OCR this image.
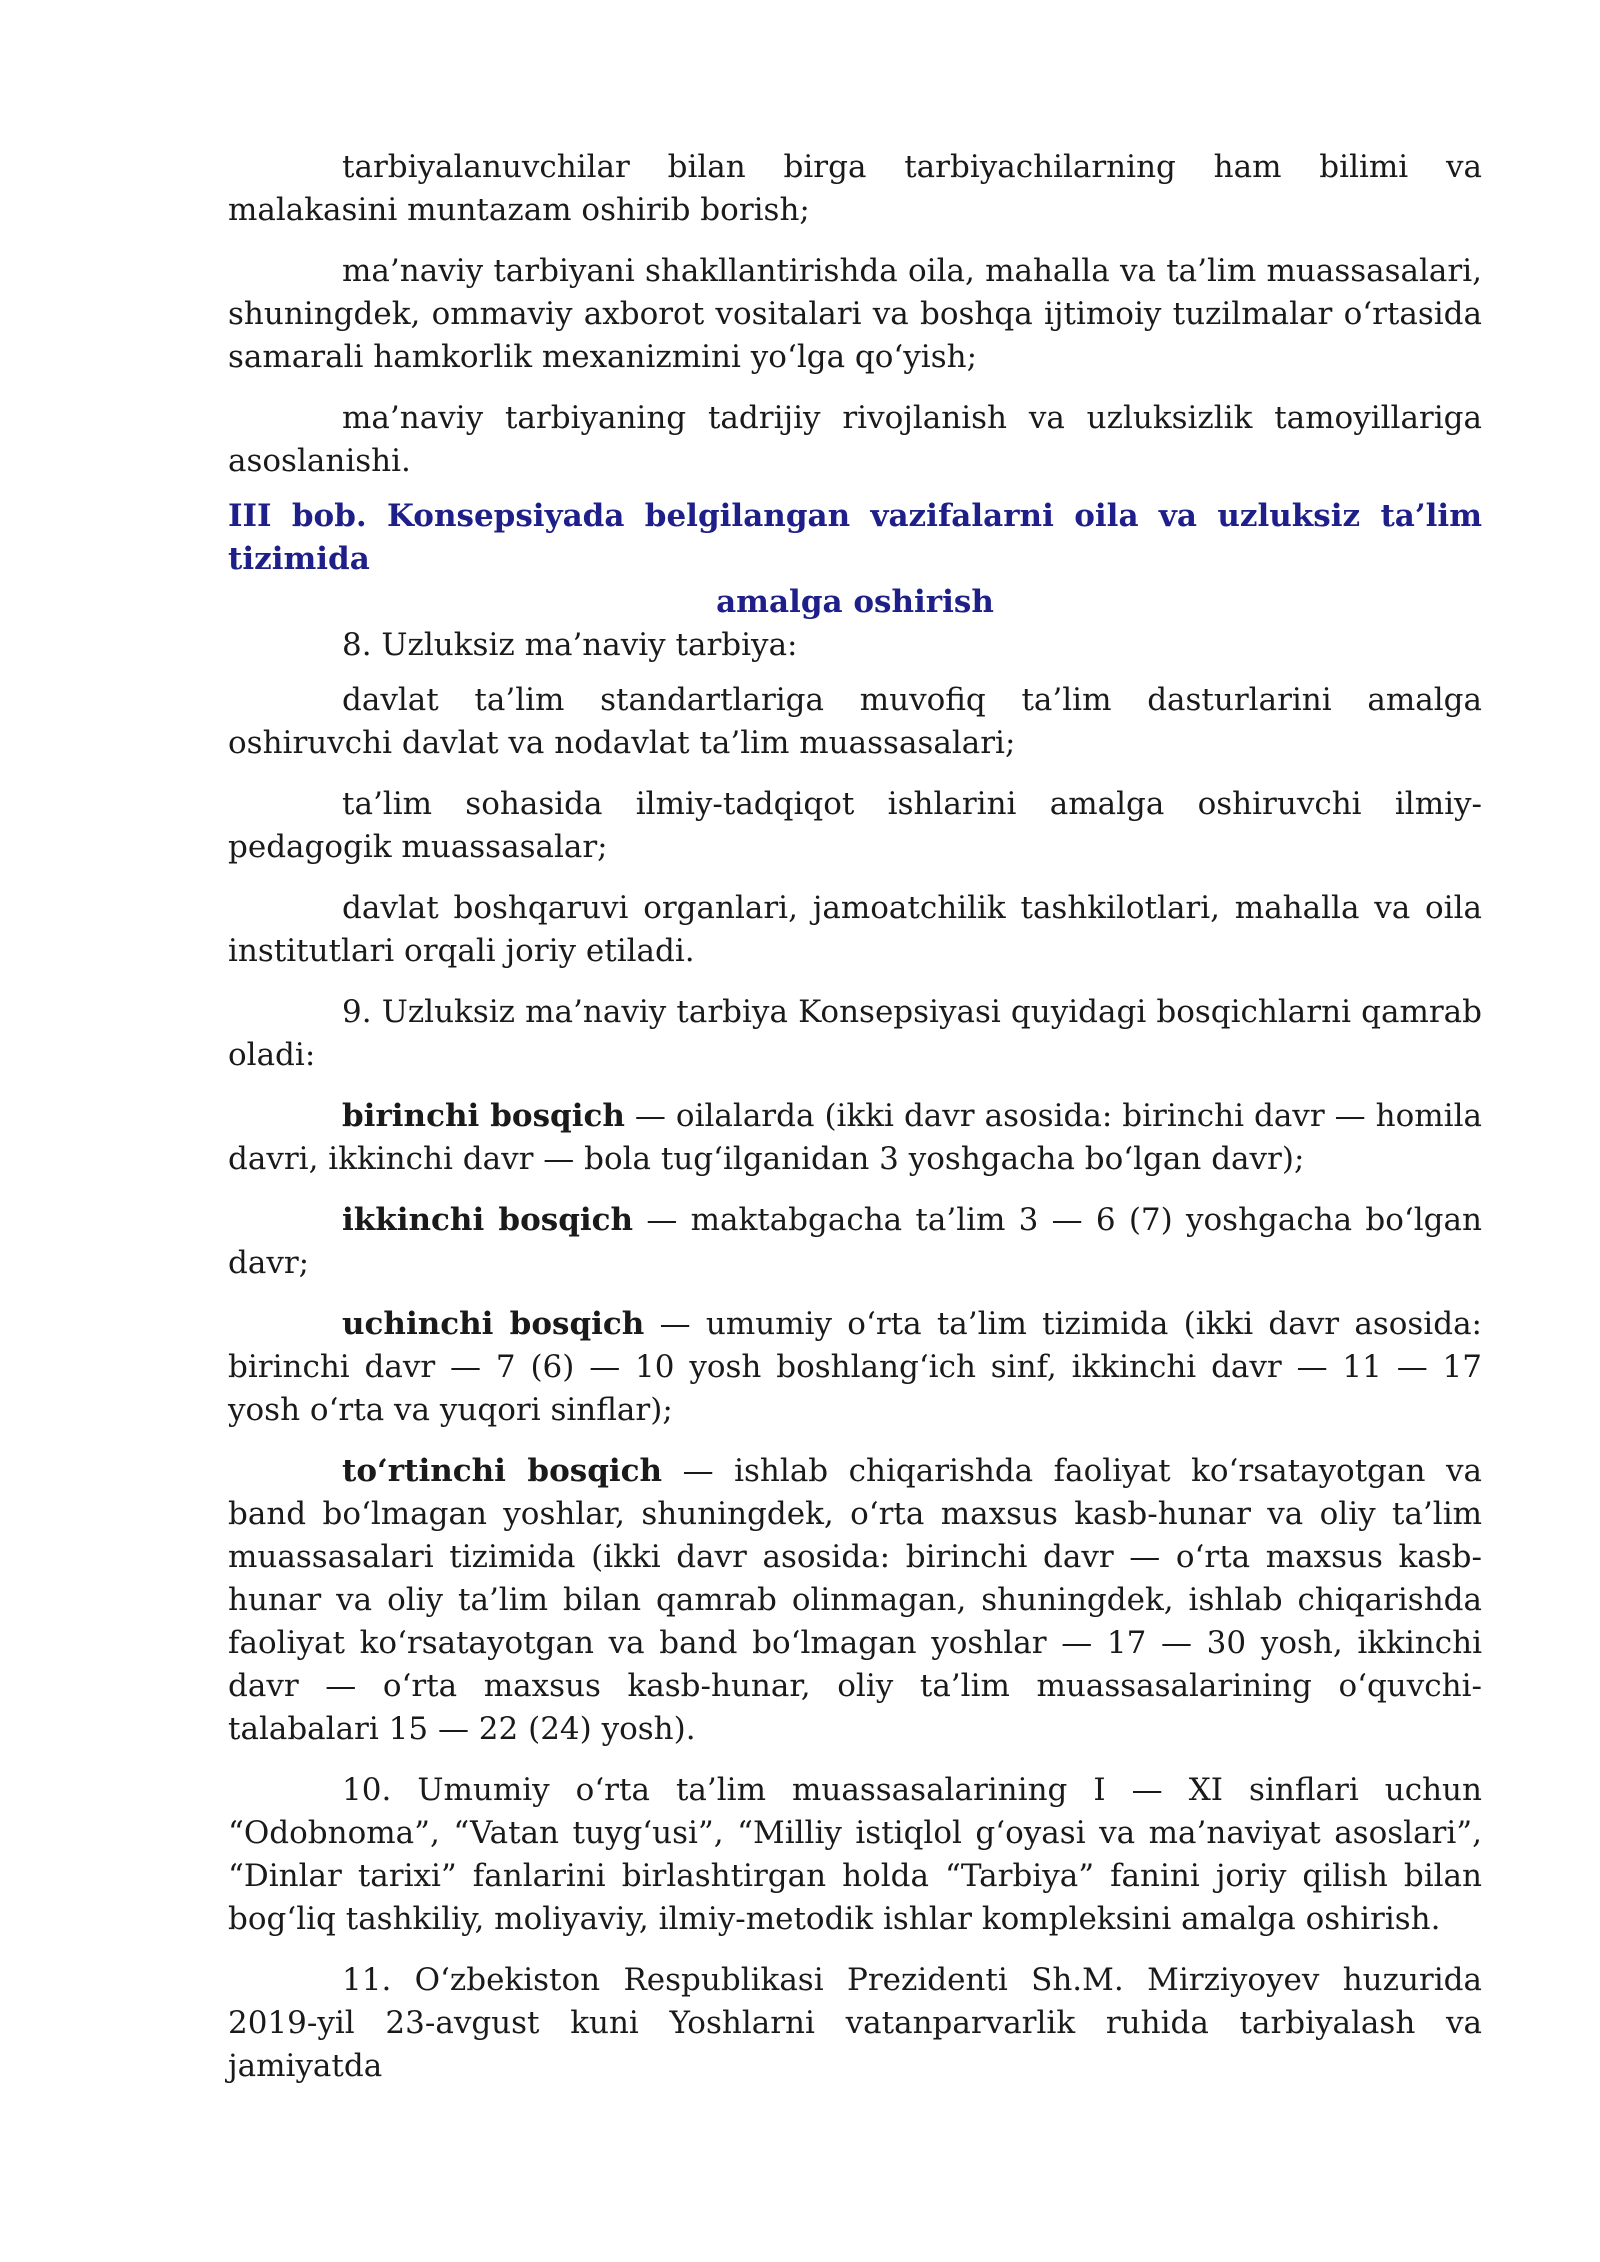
tarbiyalanuvchilar bilan birga tarbiyachilarning ham bilimi va malakasini muntazam oshirib borish;

ma’naviy tarbiyani shakllantirishda oila, mahalla va ta’lim muassasalari, shuningdek, ommaviy axborot vositalari va boshqa ijtimoiy tuzilmalar o‘rtasida samarali hamkorlik mexanizmini yo‘lga qo‘yish;

ma’naviy tarbiyaning tadrijiy rivojlanish va uzluksizlik tamoyillariga asoslanishi.

III bob. Konsepsiyada belgilangan vazifalarni oila va uzluksiz ta’lim tizimida
amalga oshirish

8. Uzluksiz ma’naviy tarbiya:

davlat ta’lim standartlariga muvofiq ta’lim dasturlarini amalga oshiruvchi davlat va nodavlat ta’lim muassasalari;

ta’lim sohasida ilmiy-tadqiqot ishlarini amalga oshiruvchi ilmiy-pedagogik muassasalar;

davlat boshqaruvi organlari, jamoatchilik tashkilotlari, mahalla va oila institutlari orqali joriy etiladi.

9. Uzluksiz ma’naviy tarbiya Konsepsiyasi quyidagi bosqichlarni qamrab oladi:

birinchi bosqich — oilalarda (ikki davr asosida: birinchi davr — homila davri, ikkinchi davr — bola tug‘ilganidan 3 yoshgacha bo‘lgan davr);

ikkinchi bosqich — maktabgacha ta’lim 3 — 6 (7) yoshgacha bo‘lgan davr;

uchinchi bosqich — umumiy o‘rta ta’lim tizimida (ikki davr asosida: birinchi davr — 7 (6) — 10 yosh boshlang‘ich sinf, ikkinchi davr — 11 — 17 yosh o‘rta va yuqori sinflar);

to‘rtinchi bosqich — ishlab chiqarishda faoliyat ko‘rsatayotgan va band bo‘lmagan yoshlar, shuningdek, o‘rta maxsus kasb-hunar va oliy ta’lim muassasalari tizimida (ikki davr asosida: birinchi davr — o‘rta maxsus kasb-hunar va oliy ta’lim bilan qamrab olinmagan, shuningdek, ishlab chiqarishda faoliyat ko‘rsatayotgan va band bo‘lmagan yoshlar — 17 — 30 yosh, ikkinchi davr — o‘rta maxsus kasb-hunar, oliy ta’lim muassasalarining o‘quvchi-talabalari 15 — 22 (24) yosh).

10. Umumiy o‘rta ta’lim muassasalarining I — XI sinflari uchun “Odobnoma”, “Vatan tuyg‘usi”, “Milliy istiqlol g‘oyasi va ma’naviyat asoslari”, “Dinlar tarixi” fanlarini birlashtirgan holda “Tarbiya” fanini joriy qilish bilan bog‘liq tashkiliy, moliyaviy, ilmiy-metodik ishlar kompleksini amalga oshirish.

11. O‘zbekiston Respublikasi Prezidenti Sh.M. Mirziyoyev huzurida 2019-yil 23-avgust kuni Yoshlarni vatanparvarlik ruhida tarbiyalash va jamiyatda
